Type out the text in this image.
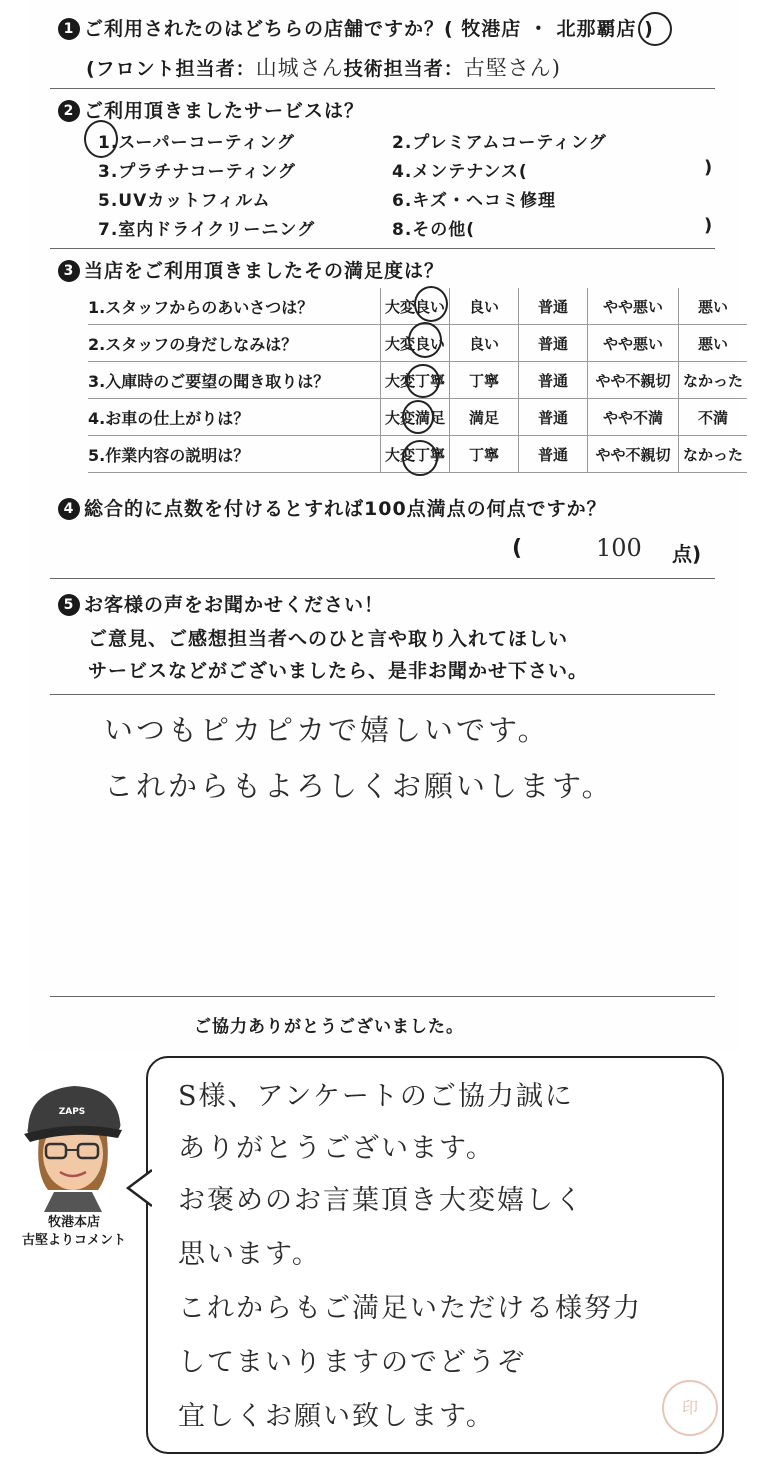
1 ご利用されたのはどちらの店舗ですか？( 牧港店 ・ 北那覇店 )
(フロント担当者：山城さん技術担当者：古堅さん)
2 ご利用頂きましたサービスは？
1.スーパーコーティング	2.プレミアムコーティング
3.プラチナコーティング	4.メンテナンス(	)
5.UVカットフィルム	6.キズ・ヘコミ修理
7.室内ドライクリーニング	8.その他(	)
3 当店をご利用頂きましたその満足度は？
1.スタッフからのあいさつは？	大変良い	良い	普通	やや悪い	悪い
2.スタッフの身だしなみは？	大変良い	良い	普通	やや悪い	悪い
3.入庫時のご要望の聞き取りは？	大変丁寧	丁寧	普通	やや不親切	なかった
4.お車の仕上がりは？	大変満足	満足	普通	やや不満	不満
5.作業内容の説明は？	大変丁寧	丁寧	普通	やや不親切	なかった
4 総合的に点数を付けるとすれば100点満点の何点ですか？
(	100 点)
5 お客様の声をお聞かせください！
ご意見、ご感想担当者へのひと言や取り入れてほしい
サービスなどがございましたら、是非お聞かせ下さい。
いつもピカピカで嬉しいです。
これからもよろしくお願いします。
ご協力ありがとうございました。
ZAPS
牧港本店
古堅よりコメント
S様、アンケートのご協力誠に
ありがとうございます。
お褒めのお言葉頂き大変嬉しく
思います。
これからもご満足いただける様努力
してまいりますのでどうぞ
宜しくお願い致します。	印
